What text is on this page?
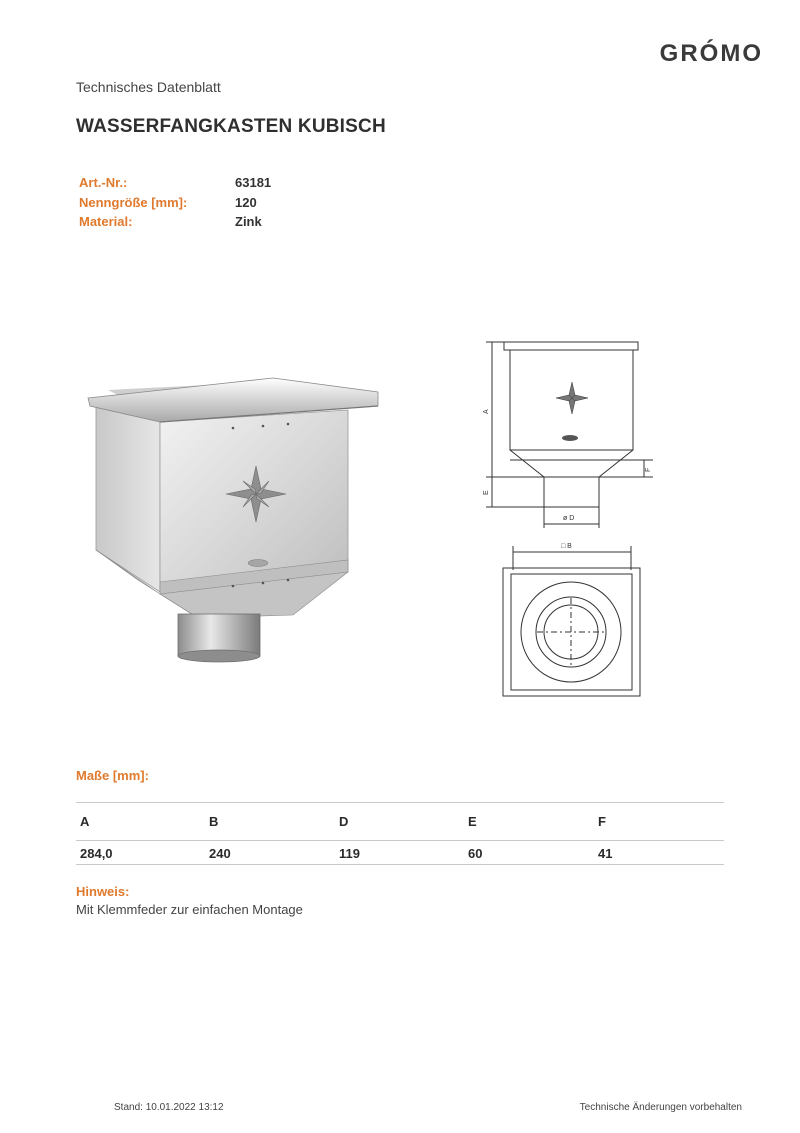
GRÓMO
Technisches Datenblatt
WASSERFANGKASTEN KUBISCH
Art.-Nr.:	63181
Nenngröße [mm]:	120
Material:	Zink
A
E
F
ø D
□ B
Maße [mm]:
A	B	D	E	F
284,0	240	119	60	41
Hinweis:
Mit Klemmfeder zur einfachen Montage
Stand: 10.01.2022 13:12	Technische Änderungen vorbehalten
